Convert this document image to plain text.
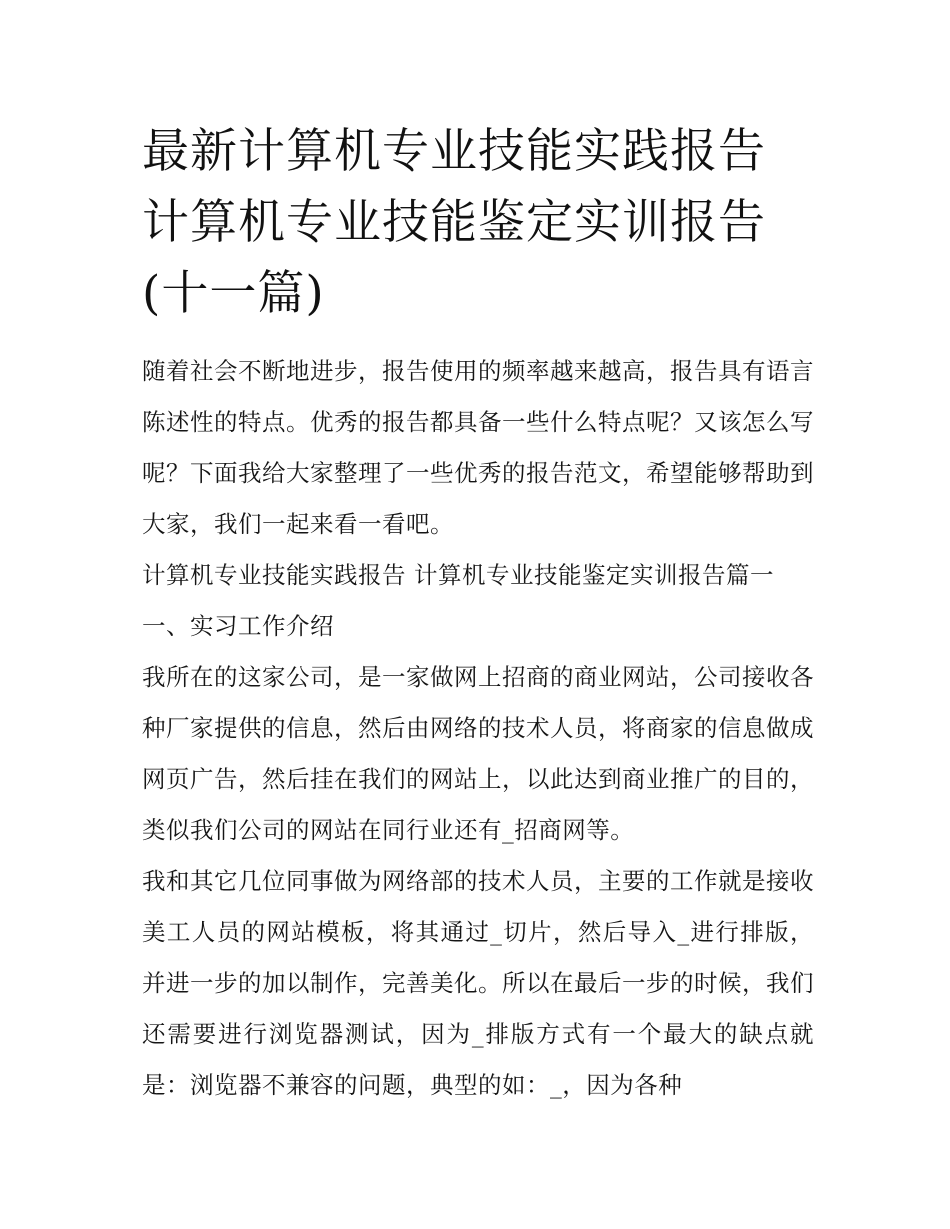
最新计算机专业技能实践报告
计算机专业技能鉴定实训报告
(十一篇)

随着社会不断地进步，报告使用的频率越来越高，报告具有语言陈述性的特点。优秀的报告都具备一些什么特点呢？又该怎么写呢？下面我给大家整理了一些优秀的报告范文，希望能够帮助到大家，我们一起来看一看吧。

计算机专业技能实践报告 计算机专业技能鉴定实训报告篇一

一、实习工作介绍

我所在的这家公司，是一家做网上招商的商业网站，公司接收各种厂家提供的信息，然后由网络的技术人员，将商家的信息做成网页广告，然后挂在我们的网站上，以此达到商业推广的目的，类似我们公司的网站在同行业还有_招商网等。

我和其它几位同事做为网络部的技术人员，主要的工作就是接收美工人员的网站模板，将其通过_切片，然后导入_进行排版，并进一步的加以制作，完善美化。所以在最后一步的时候，我们还需要进行浏览器测试，因为_排版方式有一个最大的缺点就是：浏览器不兼容的问题，典型的如：_，因为各种
